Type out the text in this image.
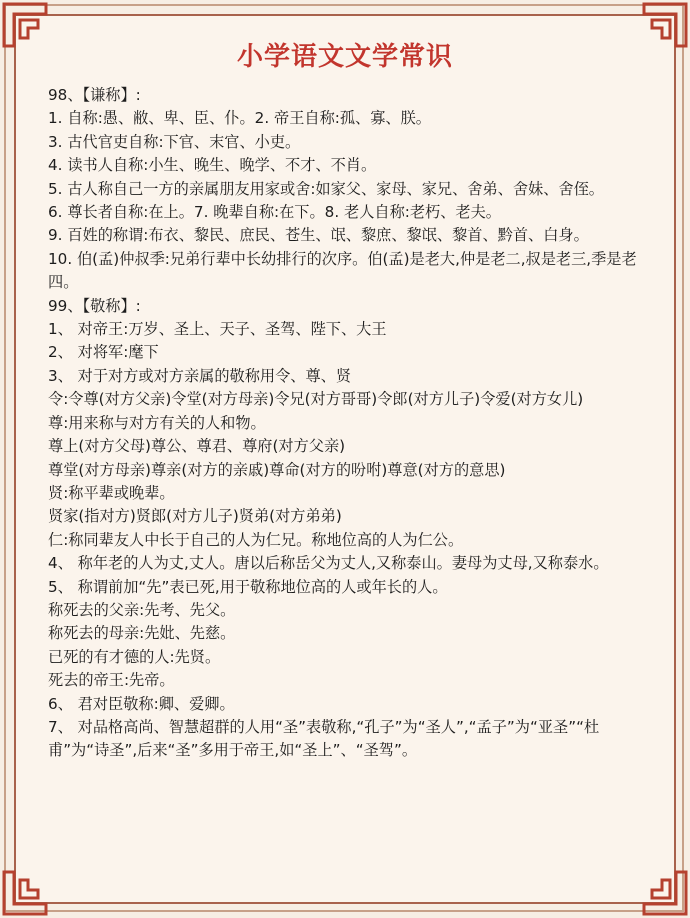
小学语文文学常识

98、【谦称】:

1. 自称:愚、敝、卑、臣、仆。2. 帝王自称:孤、寡、朕。

3. 古代官吏自称:下官、末官、小吏。

4. 读书人自称:小生、晚生、晚学、不才、不肖。

5. 古人称自己一方的亲属朋友用家或舍:如家父、家母、家兄、舍弟、舍妹、舍侄。

6. 尊长者自称:在上。7. 晚辈自称:在下。8. 老人自称:老朽、老夫。

9. 百姓的称谓:布衣、黎民、庶民、苍生、氓、黎庶、黎氓、黎首、黔首、白身。

10. 伯(孟)仲叔季:兄弟行辈中长幼排行的次序。伯(孟)是老大,仲是老二,叔是老三,季是老四。

99、【敬称】:

1、 对帝王:万岁、圣上、天子、圣驾、陛下、大王

2、 对将军:麾下

3、 对于对方或对方亲属的敬称用令、尊、贤

令:令尊(对方父亲)令堂(对方母亲)令兄(对方哥哥)令郎(对方儿子)令爱(对方女儿)

尊:用来称与对方有关的人和物。

尊上(对方父母)尊公、尊君、尊府(对方父亲)

尊堂(对方母亲)尊亲(对方的亲戚)尊命(对方的吩咐)尊意(对方的意思)

贤:称平辈或晚辈。

贤家(指对方)贤郎(对方儿子)贤弟(对方弟弟)

仁:称同辈友人中长于自己的人为仁兄。称地位高的人为仁公。

4、 称年老的人为丈,丈人。唐以后称岳父为丈人,又称泰山。妻母为丈母,又称泰水。

5、 称谓前加“先”表已死,用于敬称地位高的人或年长的人。

称死去的父亲:先考、先父。

称死去的母亲:先妣、先慈。

已死的有才德的人:先贤。

死去的帝王:先帝。

6、 君对臣敬称:卿、爱卿。

7、 对品格高尚、智慧超群的人用“圣”表敬称,“孔子”为“圣人”,“孟子”为“亚圣”“杜甫”为“诗圣”,后来“圣”多用于帝王,如“圣上”、“圣驾”。
